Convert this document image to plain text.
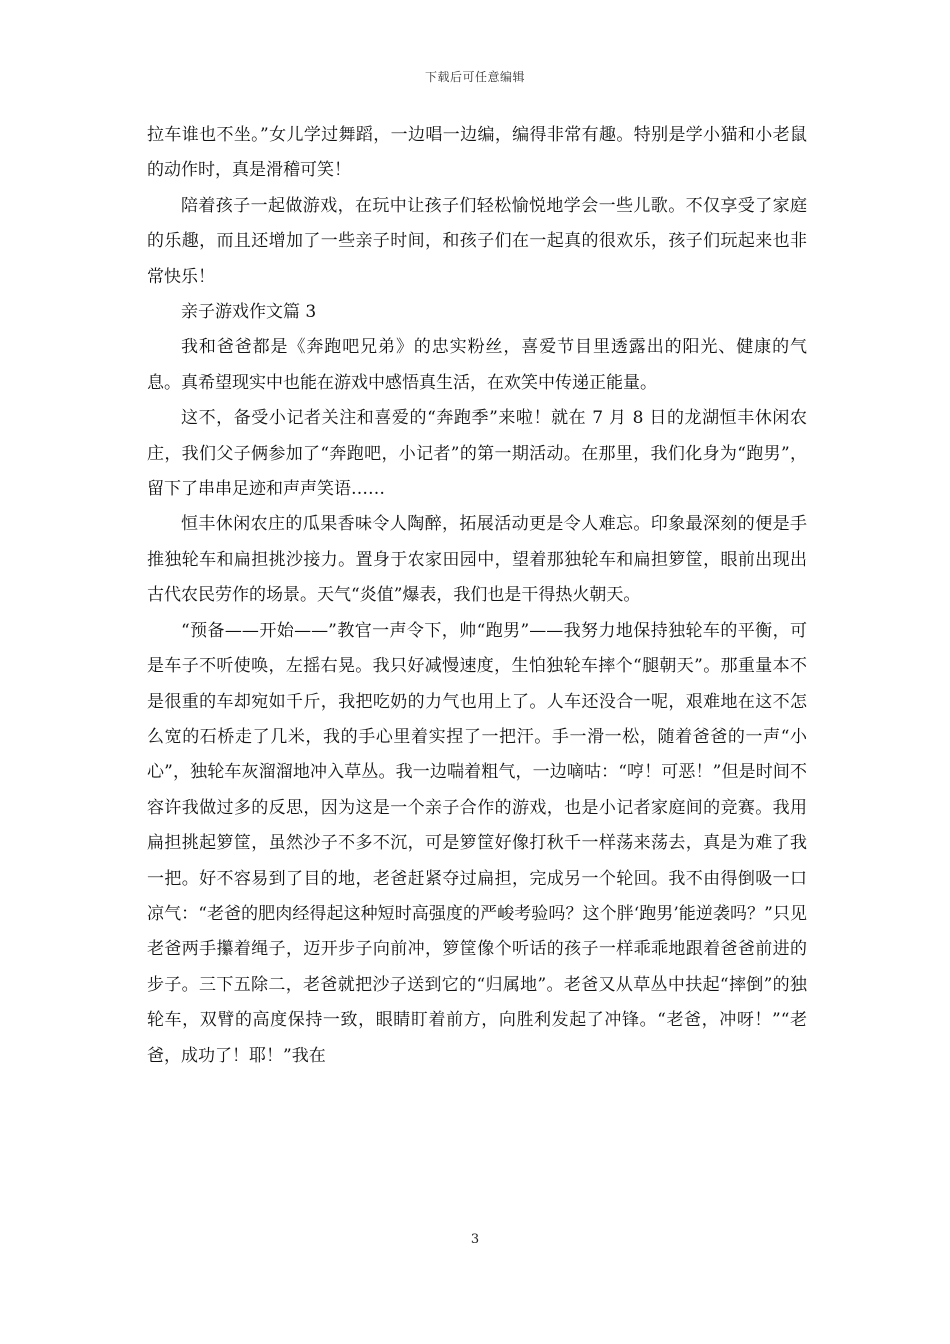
下载后可任意编辑

拉车谁也不坐。”女儿学过舞蹈，一边唱一边编，编得非常有趣。特别是学小猫和小老鼠的动作时，真是滑稽可笑！

陪着孩子一起做游戏，在玩中让孩子们轻松愉悦地学会一些儿歌。不仅享受了家庭的乐趣，而且还增加了一些亲子时间，和孩子们在一起真的很欢乐，孩子们玩起来也非常快乐！

亲子游戏作文篇 3

我和爸爸都是《奔跑吧兄弟》的忠实粉丝，喜爱节目里透露出的阳光、健康的气息。真希望现实中也能在游戏中感悟真生活，在欢笑中传递正能量。

这不，备受小记者关注和喜爱的“奔跑季”来啦！就在 7 月 8 日的龙湖恒丰休闲农庄，我们父子俩参加了“奔跑吧，小记者”的第一期活动。在那里，我们化身为“跑男”，留下了串串足迹和声声笑语……

恒丰休闲农庄的瓜果香味令人陶醉，拓展活动更是令人难忘。印象最深刻的便是手推独轮车和扁担挑沙接力。置身于农家田园中，望着那独轮车和扁担箩筐，眼前出现出古代农民劳作的场景。天气“炎值”爆表，我们也是干得热火朝天。

“预备——开始——”教官一声令下，帅“跑男”——我努力地保持独轮车的平衡，可是车子不听使唤，左摇右晃。我只好减慢速度，生怕独轮车摔个“腿朝天”。那重量本不是很重的车却宛如千斤，我把吃奶的力气也用上了。人车还没合一呢，艰难地在这不怎么宽的石桥走了几米，我的手心里着实捏了一把汗。手一滑一松，随着爸爸的一声“小心”，独轮车灰溜溜地冲入草丛。我一边喘着粗气，一边嘀咕：“哼！可恶！”但是时间不容许我做过多的反思，因为这是一个亲子合作的游戏，也是小记者家庭间的竞赛。我用扁担挑起箩筐，虽然沙子不多不沉，可是箩筐好像打秋千一样荡来荡去，真是为难了我一把。好不容易到了目的地，老爸赶紧夺过扁担，完成另一个轮回。我不由得倒吸一口凉气：“老爸的肥肉经得起这种短时高强度的严峻考验吗？这个胖‘跑男’能逆袭吗？”只见老爸两手攥着绳子，迈开步子向前冲，箩筐像个听话的孩子一样乖乖地跟着爸爸前进的步子。三下五除二，老爸就把沙子送到它的“归属地”。老爸又从草丛中扶起“摔倒”的独轮车，双臂的高度保持一致，眼睛盯着前方，向胜利发起了冲锋。“老爸，冲呀！”“老爸，成功了！耶！”我在

3
